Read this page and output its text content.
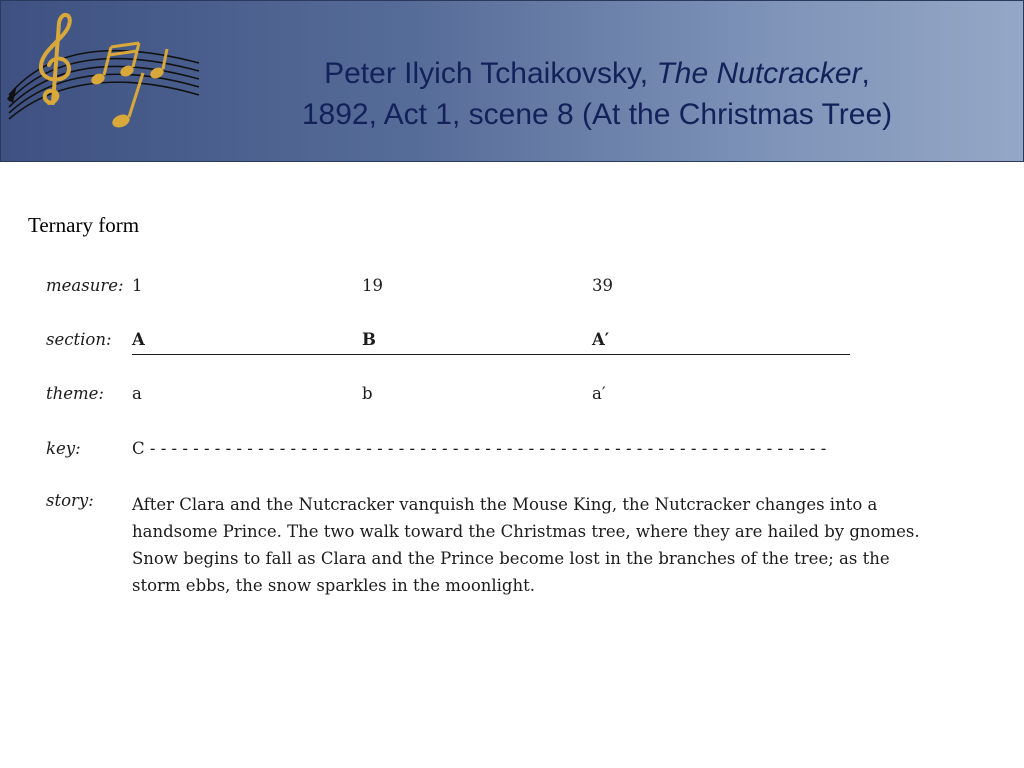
Peter Ilyich Tchaikovsky, The Nutcracker,
1892, Act 1, scene 8 (At the Christmas Tree)
Ternary form
measure: 1	19	39
section: A	B	A′
theme: a	b	a′
key:	C - - - - - - - - - - - - - - - - - - - - - - - - - - - - - - - - - - - - - - - - - - - - - - - - - - - - - - - - - - - - - - -
story: After Clara and the Nutcracker vanquish the Mouse King, the Nutcracker changes into a

handsome Prince. The two walk toward the Christmas tree, where they are hailed by gnomes.

Snow begins to fall as Clara and the Prince become lost in the branches of the tree; as the

storm ebbs, the snow sparkles in the moonlight.
